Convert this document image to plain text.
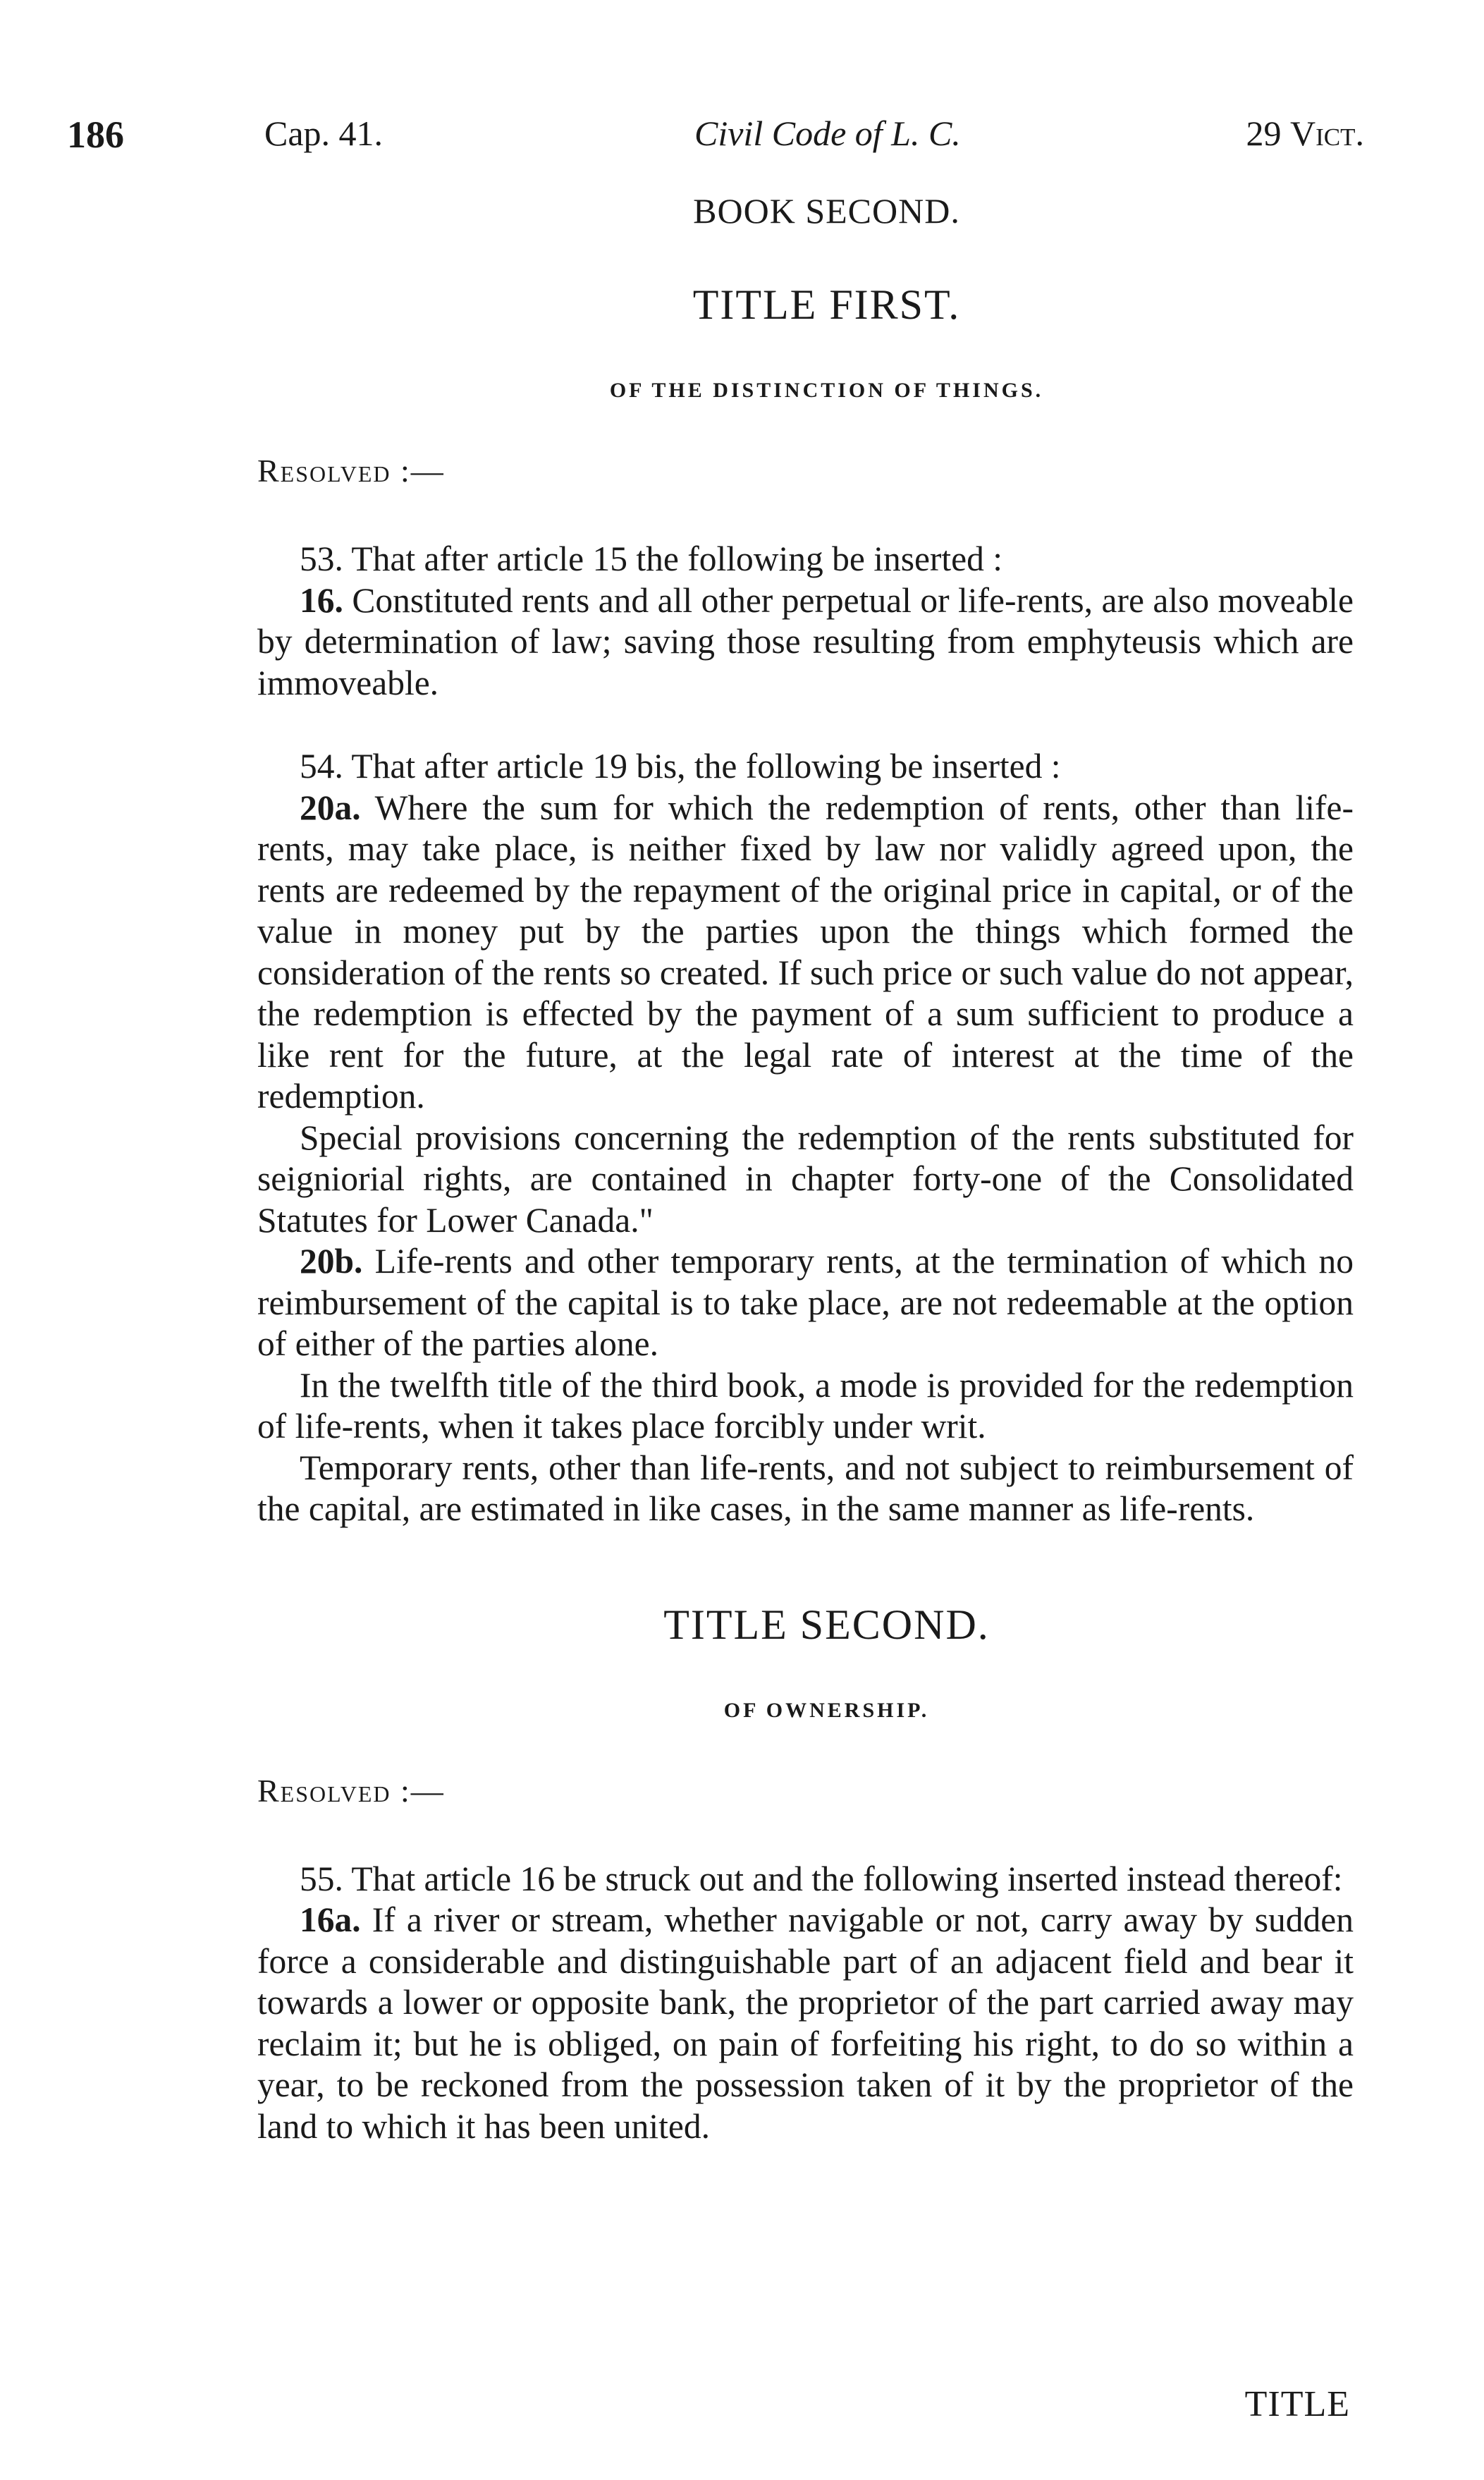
186	Cap. 41.	Civil Code of L. C.	29 Vict.

BOOK SECOND.

TITLE FIRST.

OF THE DISTINCTION OF THINGS.

Resolved :—

53. That after article 15 the following be inserted :

16. Constituted rents and all other perpetual or life-rents, are also moveable by determination of law; saving those resulting from emphyteusis which are immoveable.

54. That after article 19 bis, the following be inserted :

20a. Where the sum for which the redemption of rents, other than life-rents, may take place, is neither fixed by law nor validly agreed upon, the rents are redeemed by the repayment of the original price in capital, or of the value in money put by the parties upon the things which formed the consideration of the rents so created. If such price or such value do not appear, the redemption is effected by the payment of a sum sufficient to produce a like rent for the future, at the legal rate of interest at the time of the redemption.

Special provisions concerning the redemption of the rents substituted for seigniorial rights, are contained in chapter forty-one of the Consolidated Statutes for Lower Canada."

20b. Life-rents and other temporary rents, at the termination of which no reimbursement of the capital is to take place, are not redeemable at the option of either of the parties alone.

In the twelfth title of the third book, a mode is provided for the redemption of life-rents, when it takes place forcibly under writ.

Temporary rents, other than life-rents, and not subject to reimbursement of the capital, are estimated in like cases, in the same manner as life-rents.

TITLE SECOND.

OF OWNERSHIP.

Resolved :—

55. That article 16 be struck out and the following inserted instead thereof:

16a. If a river or stream, whether navigable or not, carry away by sudden force a considerable and distinguishable part of an adjacent field and bear it towards a lower or opposite bank, the proprietor of the part carried away may reclaim it; but he is obliged, on pain of forfeiting his right, to do so within a year, to be reckoned from the possession taken of it by the proprietor of the land to which it has been united.

TITLE
